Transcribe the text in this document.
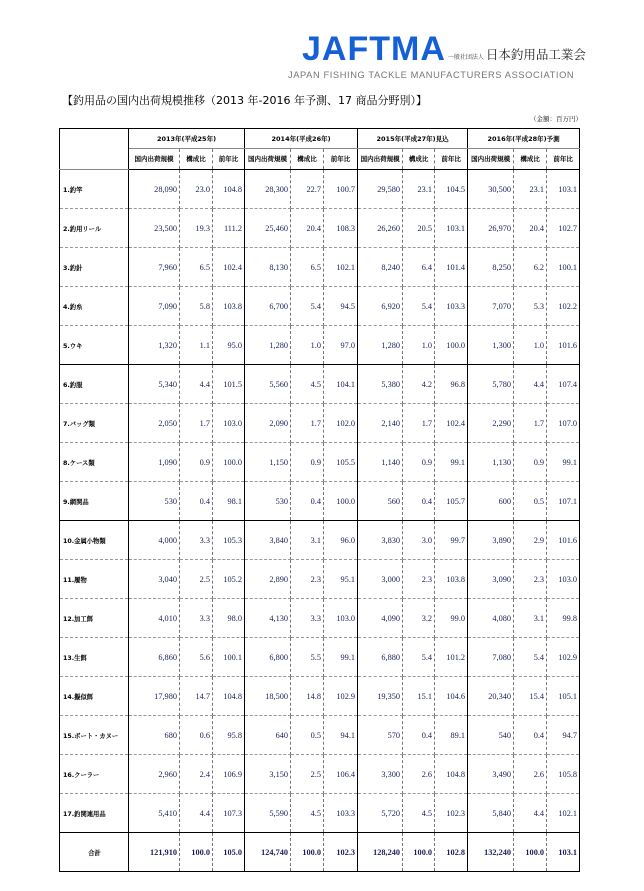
JAFTMA 一般社団法人 日本釣用品工業会
JAPAN FISHING TACKLE MANUFACTURERS ASSOCIATION
【釣用品の国内出荷規模推移（2013 年-2016 年予測、17 商品分野別）】
（金額：百万円）
	2013年(平成25年)			2014年(平成26年)			2015年(平成27年)見込			2016年(平成28年)予測		
	国内出荷規模	構成比	前年比	国内出荷規模	構成比	前年比	国内出荷規模	構成比	前年比	国内出荷規模	構成比	前年比
1.釣竿	28,090	23.0	104.8	28,300	22.7	100.7	29,580	23.1	104.5	30,500	23.1	103.1
2.釣用リール	23,500	19.3	111.2	25,460	20.4	108.3	26,260	20.5	103.1	26,970	20.4	102.7
3.釣針	7,960	6.5	102.4	8,130	6.5	102.1	8,240	6.4	101.4	8,250	6.2	100.1
4.釣糸	7,090	5.8	103.8	6,700	5.4	94.5	6,920	5.4	103.3	7,070	5.3	102.2
5.ウキ	1,320	1.1	95.0	1,280	1.0	97.0	1,280	1.0	100.0	1,300	1.0	101.6
6.釣服	5,340	4.4	101.5	5,560	4.5	104.1	5,380	4.2	96.8	5,780	4.4	107.4
7.バッグ類	2,050	1.7	103.0	2,090	1.7	102.0	2,140	1.7	102.4	2,290	1.7	107.0
8.ケース類	1,090	0.9	100.0	1,150	0.9	105.5	1,140	0.9	99.1	1,130	0.9	99.1
9.網関品	530	0.4	98.1	530	0.4	100.0	560	0.4	105.7	600	0.5	107.1
10.金属小物類	4,000	3.3	105.3	3,840	3.1	96.0	3,830	3.0	99.7	3,890	2.9	101.6
11.履物	3,040	2.5	105.2	2,890	2.3	95.1	3,000	2.3	103.8	3,090	2.3	103.0
12.加工餌	4,010	3.3	98.0	4,130	3.3	103.0	4,090	3.2	99.0	4,080	3.1	99.8
13.生餌	6,860	5.6	100.1	6,800	5.5	99.1	6,880	5.4	101.2	7,080	5.4	102.9
14.擬似餌	17,980	14.7	104.8	18,500	14.8	102.9	19,350	15.1	104.6	20,340	15.4	105.1
15.ボート・カヌー	680	0.6	95.8	640	0.5	94.1	570	0.4	89.1	540	0.4	94.7
16.クーラー	2,960	2.4	106.9	3,150	2.5	106.4	3,300	2.6	104.8	3,490	2.6	105.8
17.釣関連用品	5,410	4.4	107.3	5,590	4.5	103.3	5,720	4.5	102.3	5,840	4.4	102.1
合計	121,910	100.0	105.0	124,740	100.0	102.3	128,240	100.0	102.8	132,240	100.0	103.1
